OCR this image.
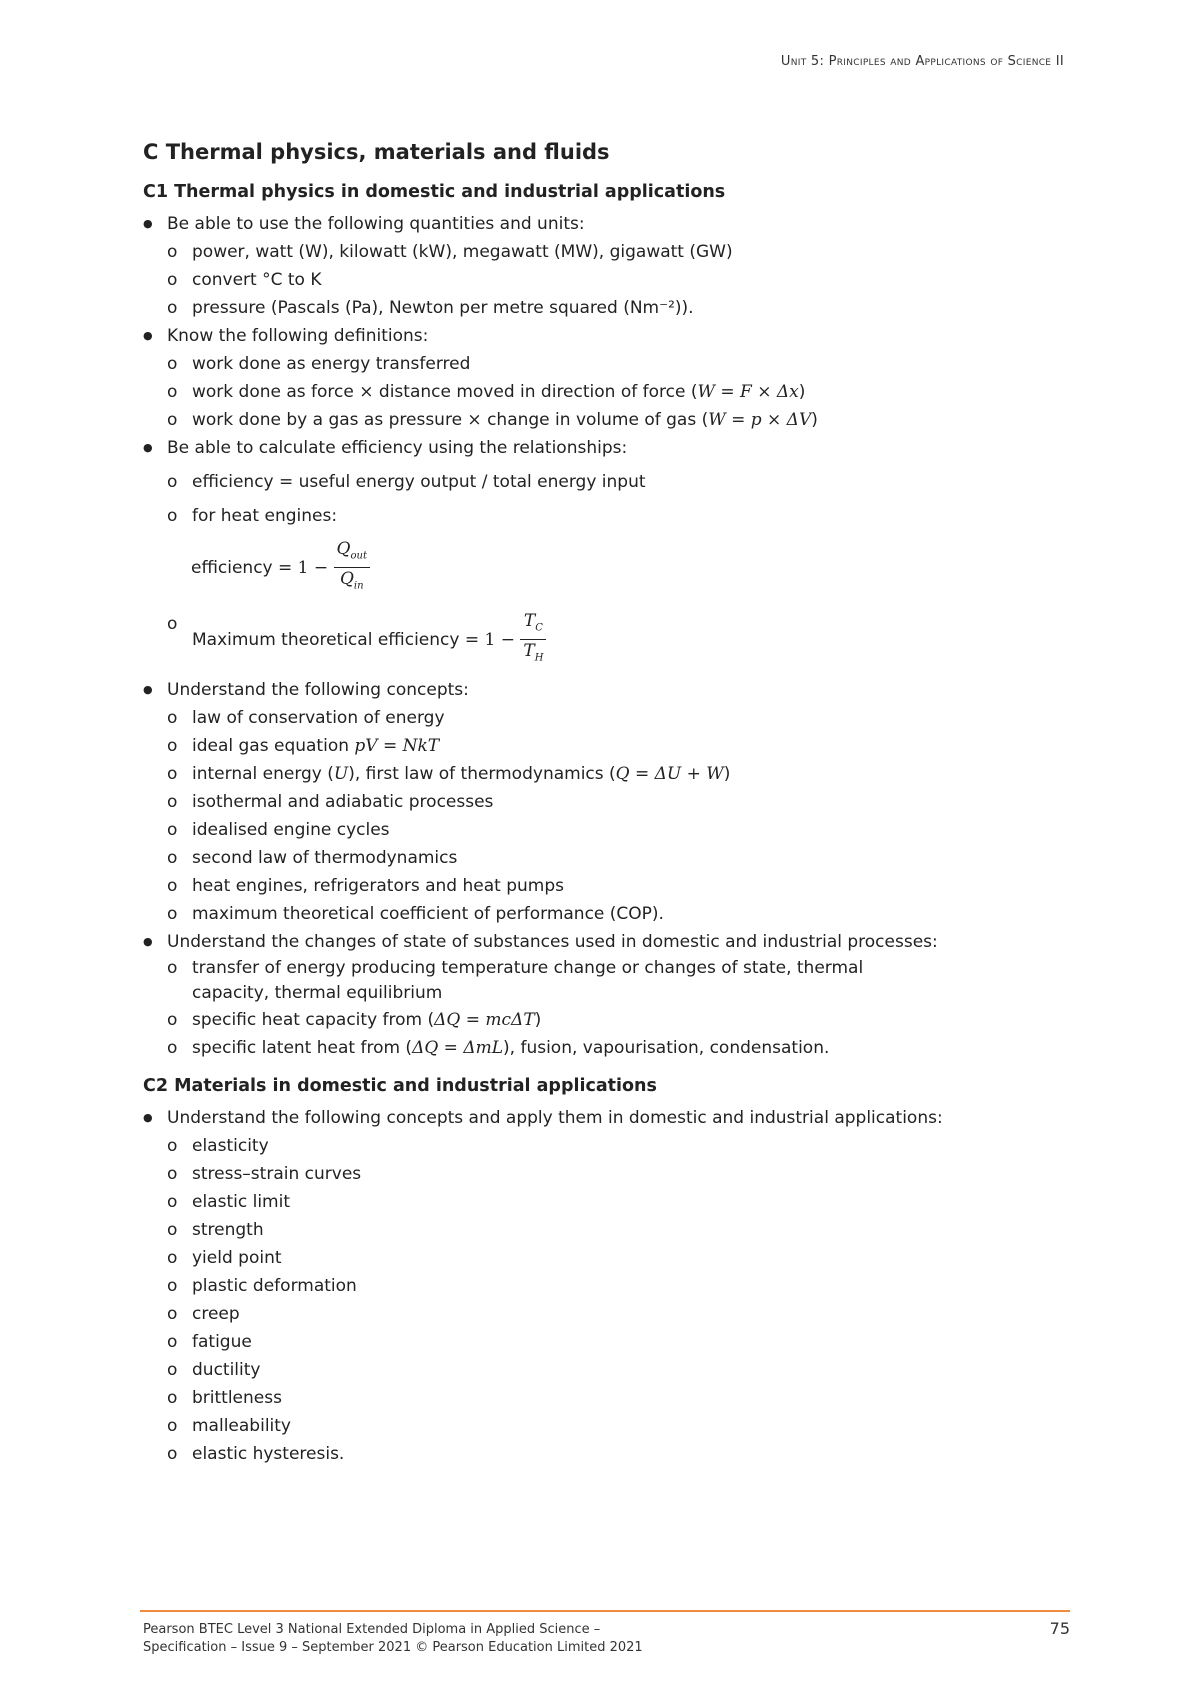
Unit 5: Principles and Applications of Science II
C Thermal physics, materials and fluids
C1 Thermal physics in domestic and industrial applications
● Be able to use the following quantities and units:
o power, watt (W), kilowatt (kW), megawatt (MW), gigawatt (GW)
o convert °C to K
o pressure (Pascals (Pa), Newton per metre squared (Nm⁻²)).
● Know the following definitions:
o work done as energy transferred
o work done as force × distance moved in direction of force (W = F × Δx)
o work done by a gas as pressure × change in volume of gas (W = p × ΔV)
● Be able to calculate efficiency using the relationships:
o efficiency = useful energy output / total energy input
o for heat engines:
efficiency = $1 - \frac{Q_{out}}{Q_{in}}$
o Maximum theoretical efficiency = $1 - \frac{T_C}{T_H}$
● Understand the following concepts:
o law of conservation of energy
o ideal gas equation pV = NkT
o internal energy (U), first law of thermodynamics (Q = ΔU + W)
o isothermal and adiabatic processes
o idealised engine cycles
o second law of thermodynamics
o heat engines, refrigerators and heat pumps
o maximum theoretical coefficient of performance (COP).
● Understand the changes of state of substances used in domestic and industrial processes:
o transfer of energy producing temperature change or changes of state, thermal capacity, thermal equilibrium
o specific heat capacity from (ΔQ = mcΔT)
o specific latent heat from (ΔQ = ΔmL), fusion, vapourisation, condensation.
C2 Materials in domestic and industrial applications
● Understand the following concepts and apply them in domestic and industrial applications:
o elasticity
o stress–strain curves
o elastic limit
o strength
o yield point
o plastic deformation
o creep
o fatigue
o ductility
o brittleness
o malleability
o elastic hysteresis.
Pearson BTEC Level 3 National Extended Diploma in Applied Science –
Specification – Issue 9 – September 2021 © Pearson Education Limited 2021
75
